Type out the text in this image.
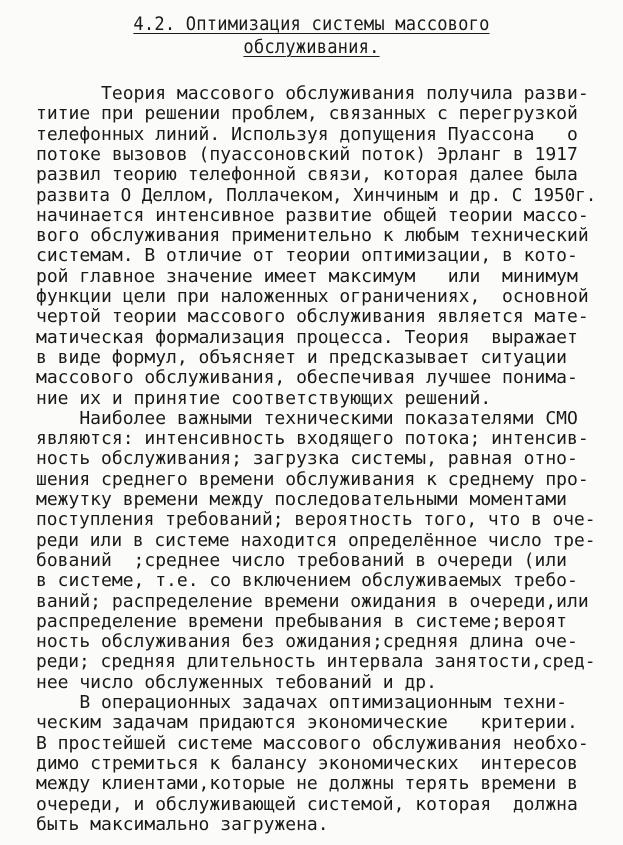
4.2. Оптимизация системы массового
обслуживания.
Теория массового обслуживания получила разви-
титие при решении проблем, связанных с перегрузкой
телефонных линий. Используя допущения Пуассона   о
потоке вызовов (пуассоновский поток) Эрланг в 1917
развил теорию телефонной связи, которая далее была
развита О Деллом, Поллачеком, Хинчиным и др. С 1950г.
начинается интенсивное развитие общей теории массо-
вого обслуживания применительно к любым технический
системам. В отличие от теории оптимизации, в кото-
рой главное значение имеет максимум   или  минимум
функции цели при наложенных ограничениях,  основной
чертой теории массового обслуживания является мате-
матическая формализация процесса. Теория  выражает
в виде формул, объясняет и предсказывает ситуации
массового обслуживания, обеспечивая лучшее понима-
ние их и принятие соответствующих решений.
Наиболее важными техническими показателями СМО
являются: интенсивность входящего потока; интенсив-
ность обслуживания; загрузка системы, равная отно-
шения среднего времени обслуживания к среднему про-
межутку времени между последовательными моментами
поступления требований; вероятность того, что в оче-
реди или в системе находится определённое число тре-
бований  ;среднее число требований в очереди (или
в системе, т.е. со включением обслуживаемых требо-
ваний; распределение времени ожидания в очереди,или
распределение времени пребывания в системе;вероят
ность обслуживания без ожидания;средняя длина оче-
реди; средняя длительность интервала занятости,сред-
нее число обслуженных тебований и др.
В операционных задачах оптимизационным техни-
ческим задачам придаются экономические   критерии.
В простейшей системе массового обслуживания необхо-
димо стремиться к балансу экономических  интересов
между клиентами,которые не должны терять времени в
очереди, и обслуживающей системой, которая  должна
быть максимально загружена.
